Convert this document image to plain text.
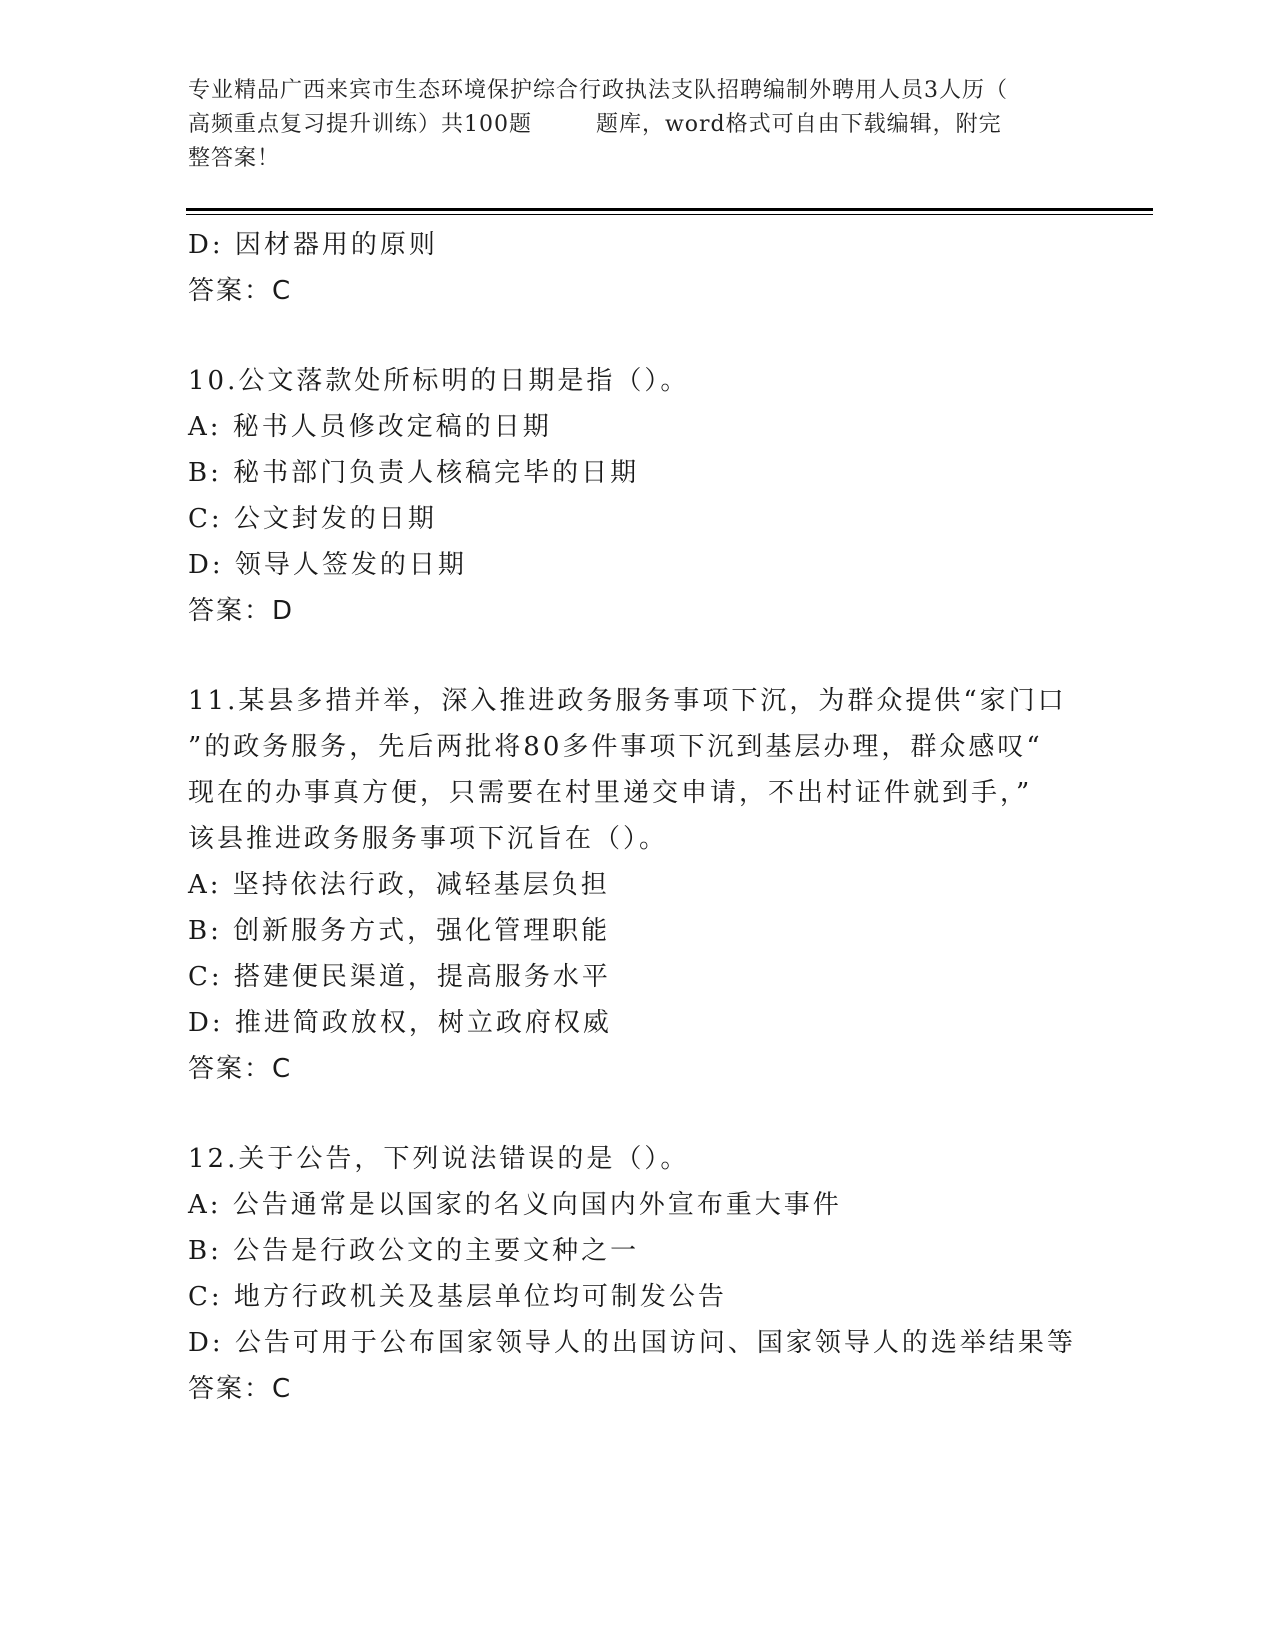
专业精品广西来宾市生态环境保护综合行政执法支队招聘编制外聘用人员3人历（
高频重点复习提升训练）共100题        题库，word格式可自由下载编辑，附完
整答案！
D: 因材器用的原则
答案：C
10.公文落款处所标明的日期是指（）。
A: 秘书人员修改定稿的日期
B: 秘书部门负责人核稿完毕的日期
C: 公文封发的日期
D: 领导人签发的日期
答案：D
11.某县多措并举，深入推进政务服务事项下沉，为群众提供“家门口
”的政务服务，先后两批将80多件事项下沉到基层办理，群众感叹“
现在的办事真方便，只需要在村里递交申请，不出村证件就到手，”
该县推进政务服务事项下沉旨在（）。
A: 坚持依法行政，减轻基层负担
B: 创新服务方式，强化管理职能
C: 搭建便民渠道，提高服务水平
D: 推进简政放权，树立政府权威
答案：C
12.关于公告，下列说法错误的是（）。
A: 公告通常是以国家的名义向国内外宣布重大事件
B: 公告是行政公文的主要文种之一
C: 地方行政机关及基层单位均可制发公告
D: 公告可用于公布国家领导人的出国访问、国家领导人的选举结果等
答案：C
